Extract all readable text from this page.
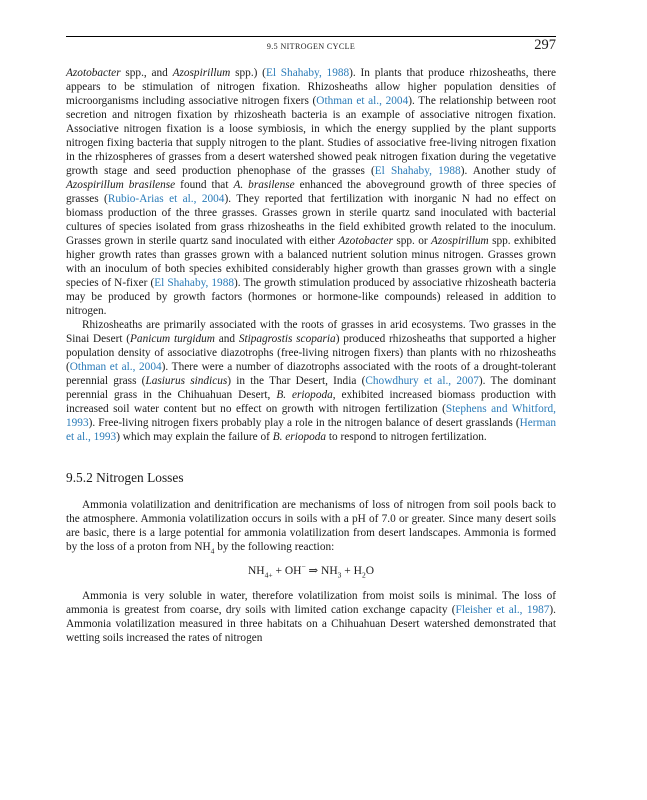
9.5 NITROGEN CYCLE	297

Azotobacter spp., and Azospirillum spp.) (El Shahaby, 1988). In plants that produce rhizosheaths, there appears to be stimulation of nitrogen fixation. Rhizosheaths allow higher population densities of microorganisms including associative nitrogen fixers (Othman et al., 2004). The relationship between root secretion and nitrogen fixation by rhizosheath bacteria is an example of associative nitrogen fixation. Associative nitrogen fixation is a loose symbiosis, in which the energy supplied by the plant supports nitrogen fixing bacteria that supply nitrogen to the plant. Studies of associative free-living nitrogen fixation in the rhizospheres of grasses from a desert watershed showed peak nitrogen fixation during the vegetative growth stage and seed production phenophase of the grasses (El Shahaby, 1988). Another study of Azospirillum brasilense found that A. brasilense enhanced the aboveground growth of three species of grasses (Rubio-Arias et al., 2004). They reported that fertilization with inorganic N had no effect on biomass production of the three grasses. Grasses grown in sterile quartz sand inoculated with bacterial cultures of species isolated from grass rhizosheaths in the field exhibited growth related to the inoculum. Grasses grown in sterile quartz sand inoculated with either Azotobacter spp. or Azospirillum spp. exhibited higher growth rates than grasses grown with a balanced nutrient solution minus nitrogen. Grasses grown with an inoculum of both species exhibited considerably higher growth than grasses grown with a single species of N-fixer (El Shahaby, 1988). The growth stimulation produced by associative rhizosheath bacteria may be produced by growth factors (hormones or hormone-like compounds) released in addition to nitrogen.

Rhizosheaths are primarily associated with the roots of grasses in arid ecosystems. Two grasses in the Sinai Desert (Panicum turgidum and Stipagrostis scoparia) produced rhizosheaths that supported a higher population density of associative diazotrophs (free-living nitrogen fixers) than plants with no rhizosheaths (Othman et al., 2004). There were a number of diazotrophs associated with the roots of a drought-tolerant perennial grass (Lasiurus sindicus) in the Thar Desert, India (Chowdhury et al., 2007). The dominant perennial grass in the Chihuahuan Desert, B. eriopoda, exhibited increased biomass production with increased soil water content but no effect on growth with nitrogen fertilization (Stephens and Whitford, 1993). Free-living nitrogen fixers probably play a role in the nitrogen balance of desert grasslands (Herman et al., 1993) which may explain the failure of B. eriopoda to respond to nitrogen fertilization.

9.5.2 Nitrogen Losses

Ammonia volatilization and denitrification are mechanisms of loss of nitrogen from soil pools back to the atmosphere. Ammonia volatilization occurs in soils with a pH of 7.0 or greater. Since many desert soils are basic, there is a large potential for ammonia volatilization from desert landscapes. Ammonia is formed by the loss of a proton from $NH_4$ by the following reaction:

$NH_{4+} + OH^-$ ⇒ $NH_3 + H_2O$

Ammonia is very soluble in water, therefore volatilization from moist soils is minimal. The loss of ammonia is greatest from coarse, dry soils with limited cation exchange capacity (Fleisher et al., 1987). Ammonia volatilization measured in three habitats on a Chihuahuan Desert watershed demonstrated that wetting soils increased the rates of nitrogen
